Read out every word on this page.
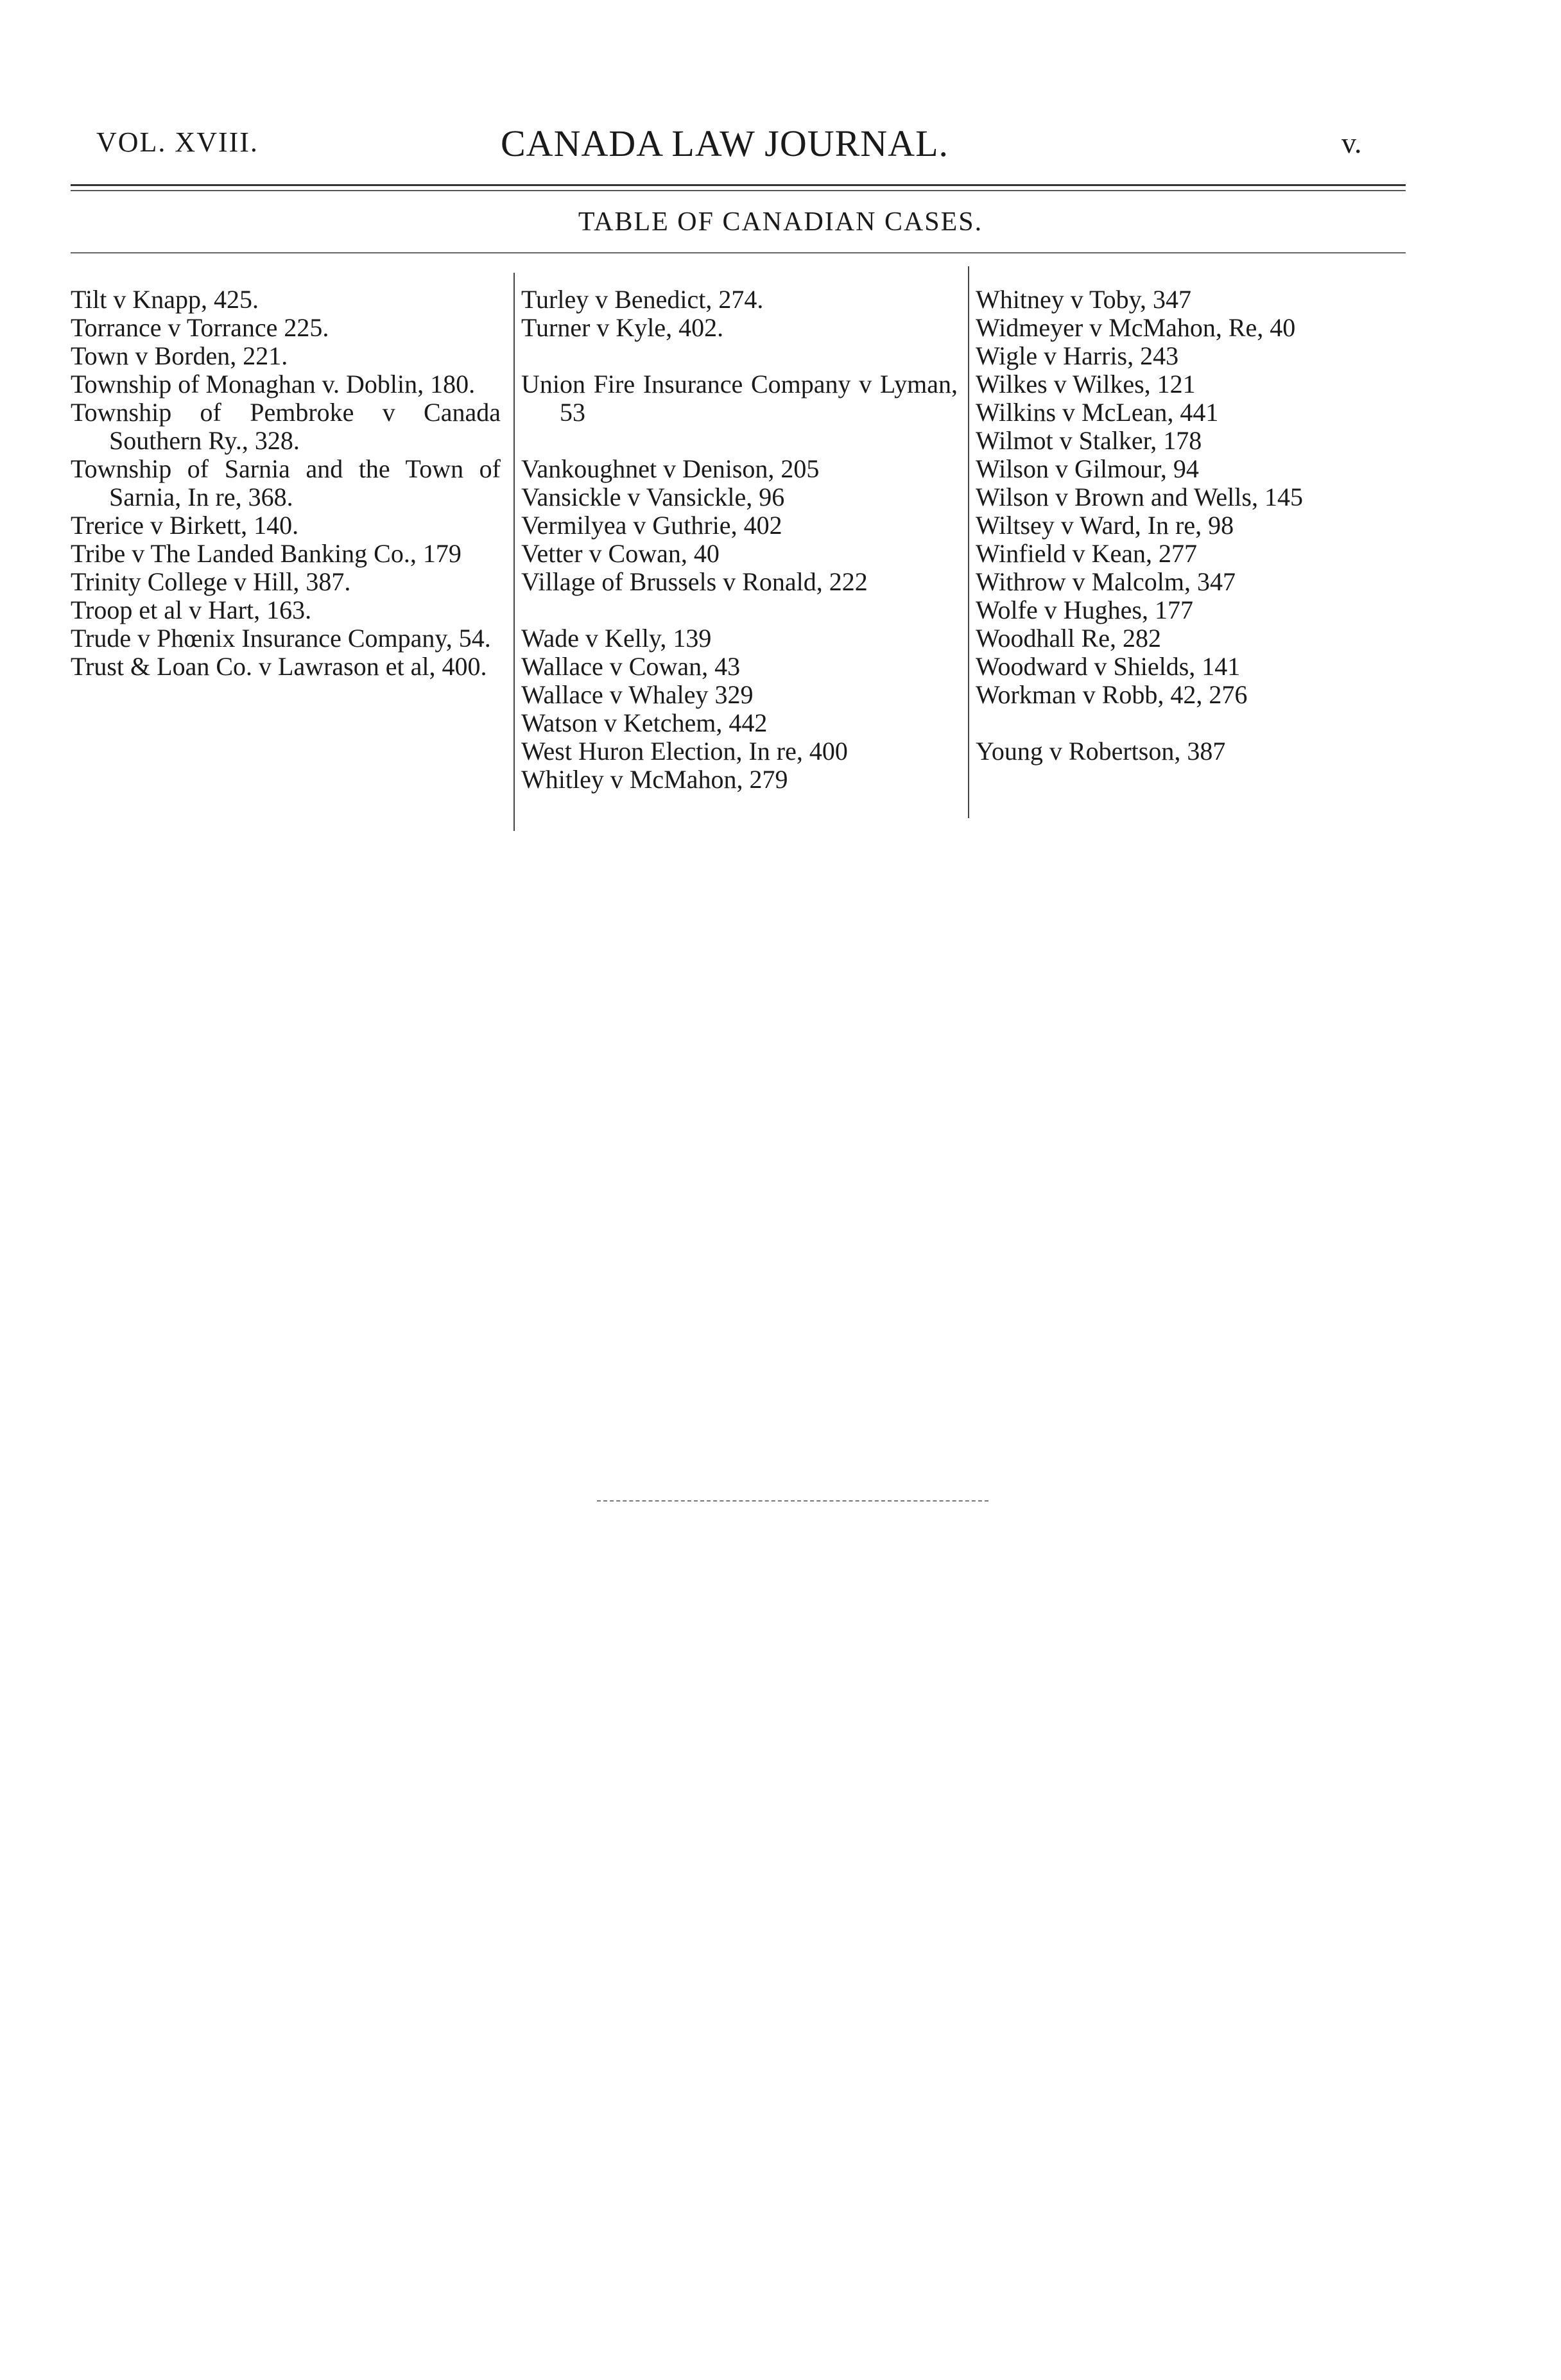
VOL. XVIII.	CANADA LAW JOURNAL.	v.
TABLE OF CANADIAN CASES.
Tilt v Knapp, 425.
Torrance v Torrance 225.
Town v Borden, 221.
Township of Monaghan v. Doblin, 180.
Township of Pembroke v Canada Southern Ry., 328.
Township of Sarnia and the Town of Sarnia, In re, 368.
Trerice v Birkett, 140.
Tribe v The Landed Banking Co., 179
Trinity College v Hill, 387.
Troop et al v Hart, 163.
Trude v Phœnix Insurance Company, 54.
Trust & Loan Co. v Lawrason et al, 400.
Turley v Benedict, 274.
Turner v Kyle, 402.
Union Fire Insurance Company v Lyman, 53
Vankoughnet v Denison, 205
Vansickle v Vansickle, 96
Vermilyea v Guthrie, 402
Vetter v Cowan, 40
Village of Brussels v Ronald, 222
Wade v Kelly, 139
Wallace v Cowan, 43
Wallace v Whaley 329
Watson v Ketchem, 442
West Huron Election, In re, 400
Whitley v McMahon, 279
Whitney v Toby, 347
Widmeyer v McMahon, Re, 40
Wigle v Harris, 243
Wilkes v Wilkes, 121
Wilkins v McLean, 441
Wilmot v Stalker, 178
Wilson v Gilmour, 94
Wilson v Brown and Wells, 145
Wiltsey v Ward, In re, 98
Winfield v Kean, 277
Withrow v Malcolm, 347
Wolfe v Hughes, 177
Woodhall Re, 282
Woodward v Shields, 141
Workman v Robb, 42, 276
Young v Robertson, 387
